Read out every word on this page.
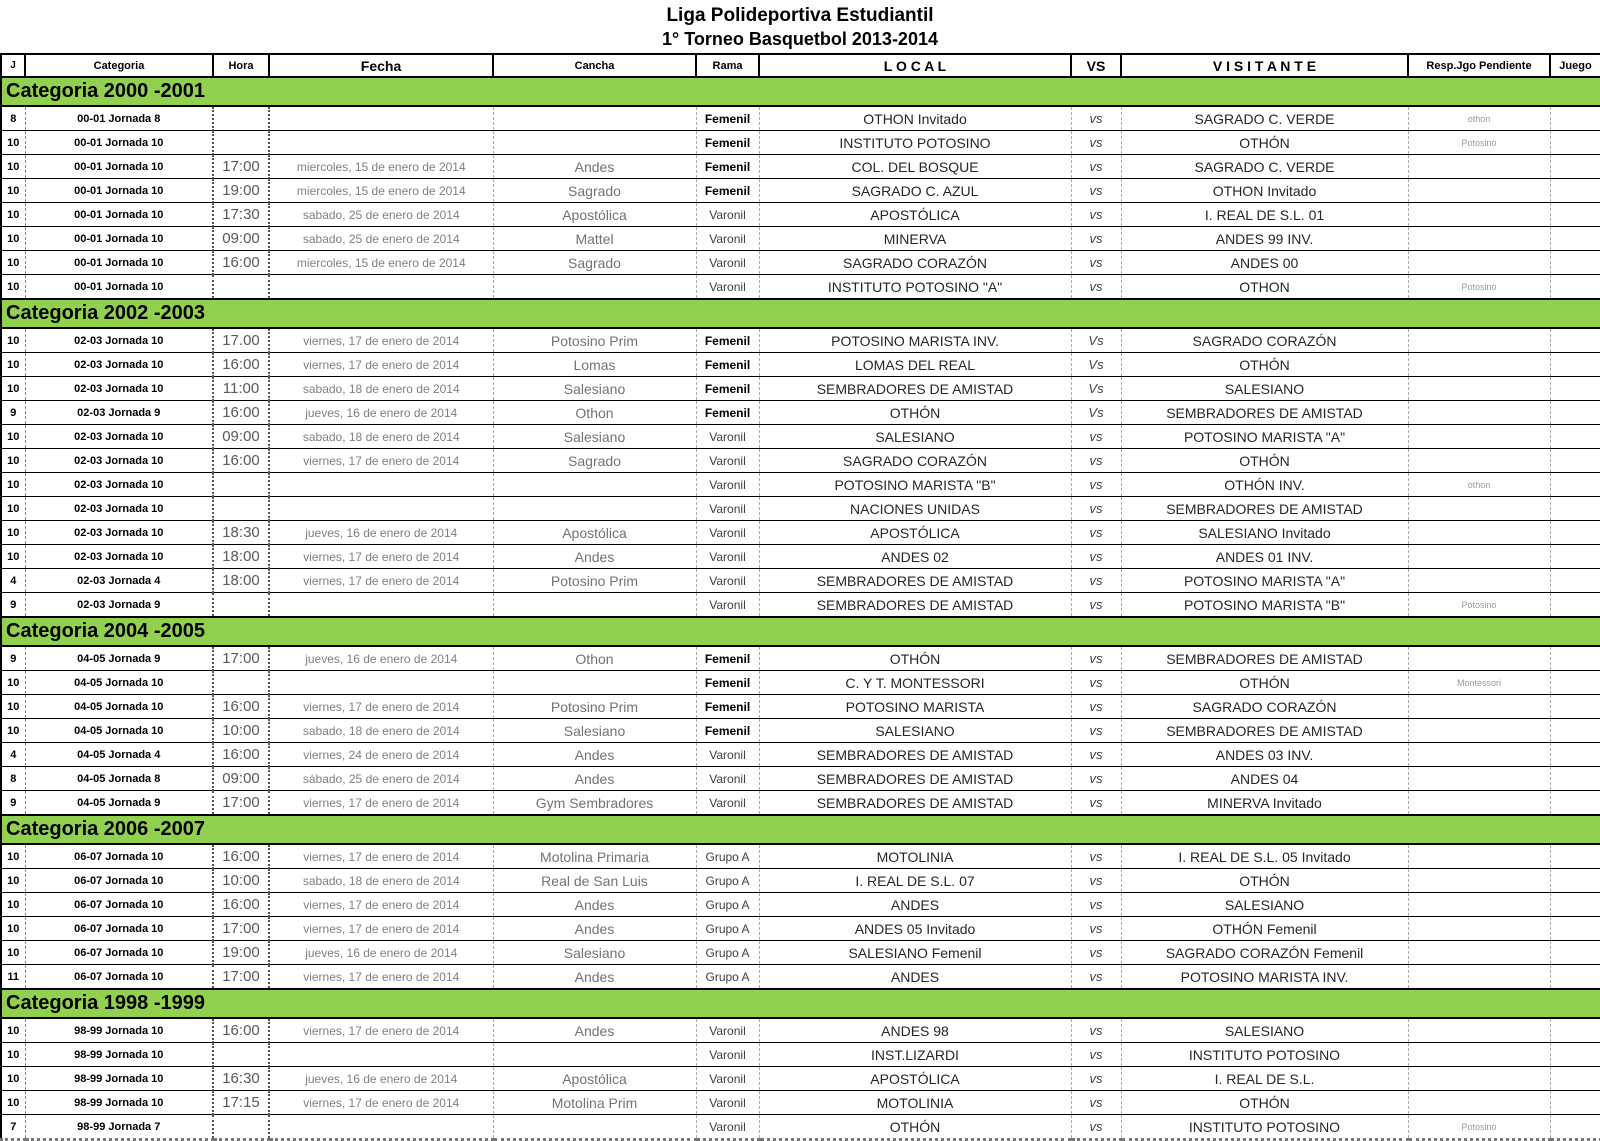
Liga Polideportiva Estudiantil
1° Torneo Basquetbol 2013-2014
J	Categoria	Hora	Fecha	Cancha	Rama	L O C A L	VS	V I S I T A N T E	Resp.Jgo Pendiente	Juego
Categoria 2000 -2001										
8	00-01 Jornada 8				Femenil	OTHON Invitado	vs	SAGRADO C. VERDE	othon	
10	00-01 Jornada 10				Femenil	INSTITUTO POTOSINO	vs	OTHÓN	Potosino	
10	00-01 Jornada 10	17:00	miercoles, 15 de enero de 2014	Andes	Femenil	COL. DEL BOSQUE	vs	SAGRADO C. VERDE		
10	00-01 Jornada 10	19:00	miercoles, 15 de enero de 2014	Sagrado	Femenil	SAGRADO C. AZUL	vs	OTHON Invitado		
10	00-01 Jornada 10	17:30	sabado, 25 de enero de 2014	Apostólica	Varonil	APOSTÓLICA	vs	I. REAL DE S.L. 01		
10	00-01 Jornada 10	09:00	sabado, 25 de enero de 2014	Mattel	Varonil	MINERVA	vs	ANDES 99 INV.		
10	00-01 Jornada 10	16:00	miercoles, 15 de enero de 2014	Sagrado	Varonil	SAGRADO CORAZÓN	vs	ANDES 00		
10	00-01 Jornada 10				Varonil	INSTITUTO POTOSINO "A"	vs	OTHON	Potosino	
Categoria 2002 -2003										
10	02-03 Jornada 10	17.00	viernes, 17 de enero de 2014	Potosino Prim	Femenil	POTOSINO MARISTA INV.	Vs	SAGRADO CORAZÓN		
10	02-03 Jornada 10	16:00	viernes, 17 de enero de 2014	Lomas	Femenil	LOMAS DEL REAL	Vs	OTHÓN		
10	02-03 Jornada 10	11:00	sabado, 18 de enero de 2014	Salesiano	Femenil	SEMBRADORES DE AMISTAD	Vs	SALESIANO		
9	02-03 Jornada 9	16:00	jueves, 16 de enero de 2014	Othon	Femenil	OTHÓN	Vs	SEMBRADORES DE AMISTAD		
10	02-03 Jornada 10	09:00	sabado, 18 de enero de 2014	Salesiano	Varonil	SALESIANO	vs	POTOSINO MARISTA "A"		
10	02-03 Jornada 10	16:00	viernes, 17 de enero de 2014	Sagrado	Varonil	SAGRADO CORAZÓN	vs	OTHÓN		
10	02-03 Jornada 10				Varonil	POTOSINO MARISTA "B"	vs	OTHÓN INV.	othon	
10	02-03 Jornada 10				Varonil	NACIONES UNIDAS	vs	SEMBRADORES DE AMISTAD		
10	02-03 Jornada 10	18:30	jueves, 16 de enero de 2014	Apostólica	Varonil	APOSTÓLICA	vs	SALESIANO Invitado		
10	02-03 Jornada 10	18:00	viernes, 17 de enero de 2014	Andes	Varonil	ANDES 02	vs	ANDES 01 INV.		
4	02-03 Jornada 4	18:00	viernes, 17 de enero de 2014	Potosino Prim	Varonil	SEMBRADORES DE AMISTAD	vs	POTOSINO MARISTA "A"		
9	02-03 Jornada 9				Varonil	SEMBRADORES DE AMISTAD	vs	POTOSINO MARISTA "B"	Potosino	
Categoria 2004 -2005										
9	04-05 Jornada 9	17:00	jueves, 16 de enero de 2014	Othon	Femenil	OTHÓN	vs	SEMBRADORES DE AMISTAD		
10	04-05 Jornada 10				Femenil	C. Y T. MONTESSORI	vs	OTHÓN	Montessori	
10	04-05 Jornada 10	16:00	viernes, 17 de enero de 2014	Potosino Prim	Femenil	POTOSINO MARISTA	vs	SAGRADO CORAZÓN		
10	04-05 Jornada 10	10:00	sabado, 18 de enero de 2014	Salesiano	Femenil	SALESIANO	vs	SEMBRADORES DE AMISTAD		
4	04-05 Jornada 4	16:00	viernes, 24 de enero de 2014	Andes	Varonil	SEMBRADORES DE AMISTAD	vs	ANDES 03 INV.		
8	04-05 Jornada 8	09:00	sábado, 25 de enero de 2014	Andes	Varonil	SEMBRADORES DE AMISTAD	vs	ANDES 04		
9	04-05 Jornada 9	17:00	viernes, 17 de enero de 2014	Gym Sembradores	Varonil	SEMBRADORES DE AMISTAD	vs	MINERVA Invitado		
Categoria 2006 -2007										
10	06-07 Jornada 10	16:00	viernes, 17 de enero de 2014	Motolina Primaria	Grupo A	MOTOLINIA	vs	I. REAL DE S.L. 05 Invitado		
10	06-07 Jornada 10	10:00	sabado, 18 de enero de 2014	Real de San Luis	Grupo A	I. REAL DE S.L. 07	vs	OTHÓN		
10	06-07 Jornada 10	16:00	viernes, 17 de enero de 2014	Andes	Grupo A	ANDES	vs	SALESIANO		
10	06-07 Jornada 10	17:00	viernes, 17 de enero de 2014	Andes	Grupo A	ANDES 05 Invitado	vs	OTHÓN Femenil		
10	06-07 Jornada 10	19:00	jueves, 16 de enero de 2014	Salesiano	Grupo A	SALESIANO Femenil	vs	SAGRADO CORAZÓN Femenil		
11	06-07 Jornada 10	17:00	viernes, 17 de enero de 2014	Andes	Grupo A	ANDES	vs	POTOSINO MARISTA INV.		
Categoria 1998 -1999										
10	98-99 Jornada 10	16:00	viernes, 17 de enero de 2014	Andes	Varonil	ANDES 98	vs	SALESIANO		
10	98-99 Jornada 10				Varonil	INST.LIZARDI	vs	INSTITUTO POTOSINO		
10	98-99 Jornada 10	16:30	jueves, 16 de enero de 2014	Apostólica	Varonil	APOSTÓLICA	vs	I. REAL DE S.L.		
10	98-99 Jornada 10	17:15	viernes, 17 de enero de 2014	Motolina Prim	Varonil	MOTOLINIA	vs	OTHÓN		
7	98-99 Jornada 7				Varonil	OTHÓN	vs	INSTITUTO POTOSINO	Potosino	
